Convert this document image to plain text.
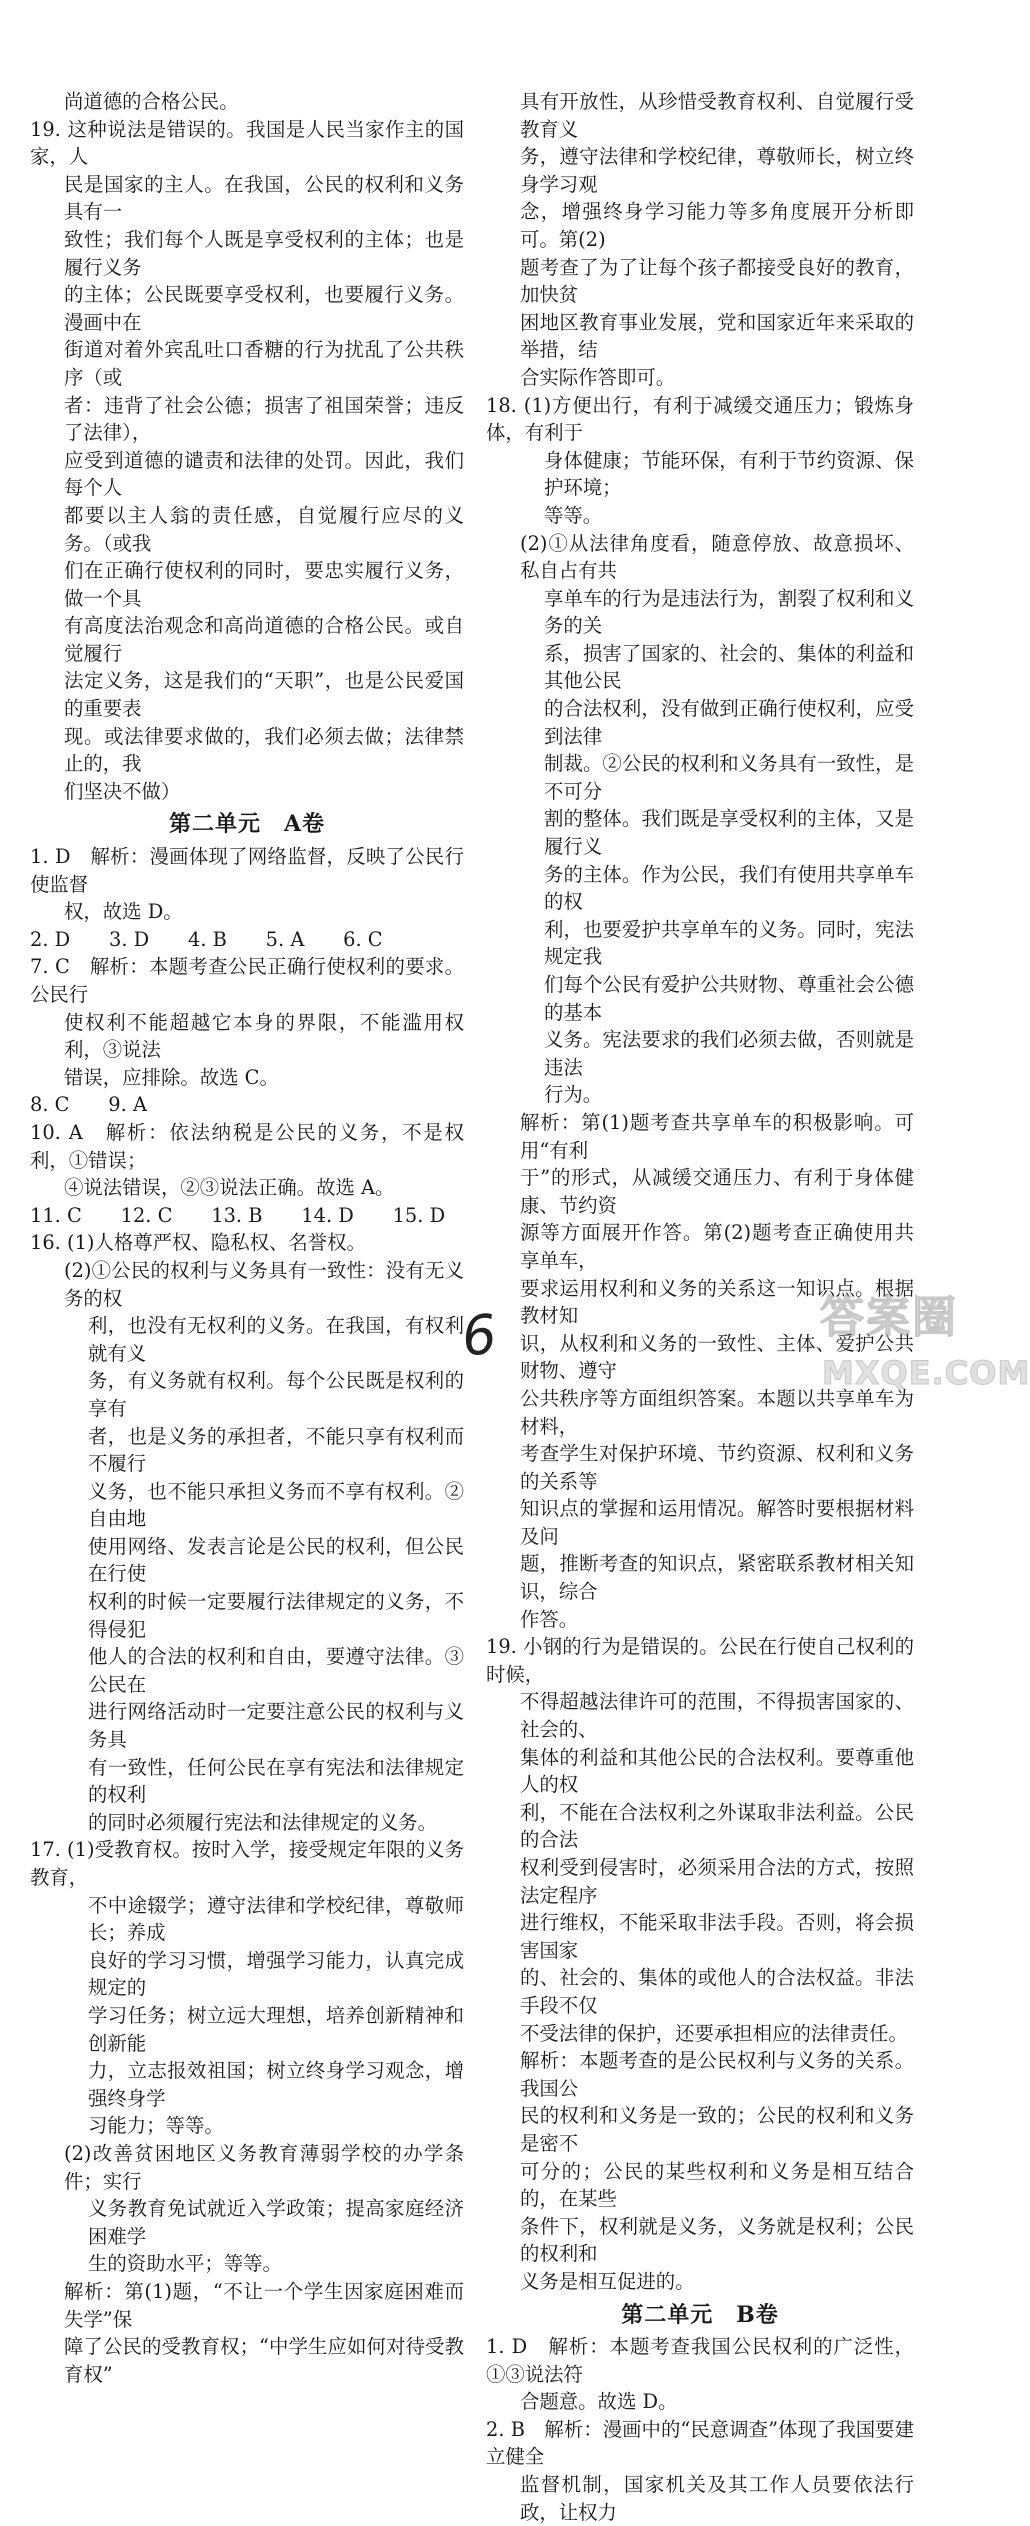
尚道德的合格公民。

19. 这种说法是错误的。我国是人民当家作主的国家，人

民是国家的主人。在我国，公民的权利和义务具有一

致性；我们每个人既是享受权利的主体；也是履行义务

的主体；公民既要享受权利，也要履行义务。漫画中在

街道对着外宾乱吐口香糖的行为扰乱了公共秩序（或

者：违背了社会公德；损害了祖国荣誉；违反了法律），

应受到道德的谴责和法律的处罚。因此，我们每个人

都要以主人翁的责任感，自觉履行应尽的义务。（或我

们在正确行使权利的同时，要忠实履行义务，做一个具

有高度法治观念和高尚道德的合格公民。或自觉履行

法定义务，这是我们的“天职”，也是公民爱国的重要表

现。或法律要求做的，我们必须去做；法律禁止的，我

们坚决不做）

第二单元　A卷

1. D　解析：漫画体现了网络监督，反映了公民行使监督

权，故选 D。

2. D　　3. D　　4. B　　5. A　　6. C

7. C　解析：本题考查公民正确行使权利的要求。公民行

使权利不能超越它本身的界限，不能滥用权利，③说法

错误，应排除。故选 C。

8. C　　9. A

10. A　解析：依法纳税是公民的义务，不是权利，①错误；

④说法错误，②③说法正确。故选 A。

11. C　　12. C　　13. B　　14. D　　15. D

16. (1)人格尊严权、隐私权、名誉权。

(2)①公民的权利与义务具有一致性：没有无义务的权

利，也没有无权利的义务。在我国，有权利就有义

务，有义务就有权利。每个公民既是权利的享有

者，也是义务的承担者，不能只享有权利而不履行

义务，也不能只承担义务而不享有权利。②自由地

使用网络、发表言论是公民的权利，但公民在行使

权利的时候一定要履行法律规定的义务，不得侵犯

他人的合法的权利和自由，要遵守法律。③公民在

进行网络活动时一定要注意公民的权利与义务具

有一致性，任何公民在享有宪法和法律规定的权利

的同时必须履行宪法和法律规定的义务。

17. (1)受教育权。按时入学，接受规定年限的义务教育，

不中途辍学；遵守法律和学校纪律，尊敬师长；养成

良好的学习习惯，增强学习能力，认真完成规定的

学习任务；树立远大理想，培养创新精神和创新能

力，立志报效祖国；树立终身学习观念，增强终身学

习能力；等等。

(2)改善贫困地区义务教育薄弱学校的办学条件；实行

义务教育免试就近入学政策；提高家庭经济困难学

生的资助水平；等等。

解析：第(1)题，“不让一个学生因家庭困难而失学”保

障了公民的受教育权；“中学生应如何对待受教育权”

具有开放性，从珍惜受教育权利、自觉履行受教育义

务，遵守法律和学校纪律，尊敬师长，树立终身学习观

念，增强终身学习能力等多角度展开分析即可。第(2)

题考查了为了让每个孩子都接受良好的教育，加快贫

困地区教育事业发展，党和国家近年来采取的举措，结

合实际作答即可。

18. (1)方便出行，有利于减缓交通压力；锻炼身体，有利于

身体健康；节能环保，有利于节约资源、保护环境；

等等。

(2)①从法律角度看，随意停放、故意损坏、私自占有共

享单车的行为是违法行为，割裂了权利和义务的关

系，损害了国家的、社会的、集体的利益和其他公民

的合法权利，没有做到正确行使权利，应受到法律

制裁。②公民的权利和义务具有一致性，是不可分

割的整体。我们既是享受权利的主体，又是履行义

务的主体。作为公民，我们有使用共享单车的权

利，也要爱护共享单车的义务。同时，宪法规定我

们每个公民有爱护公共财物、尊重社会公德的基本

义务。宪法要求的我们必须去做，否则就是违法

行为。

解析：第(1)题考查共享单车的积极影响。可用“有利

于”的形式，从减缓交通压力、有利于身体健康、节约资

源等方面展开作答。第(2)题考查正确使用共享单车，

要求运用权利和义务的关系这一知识点。根据教材知

识，从权利和义务的一致性、主体、爱护公共财物、遵守

公共秩序等方面组织答案。本题以共享单车为材料，

考查学生对保护环境、节约资源、权利和义务的关系等

知识点的掌握和运用情况。解答时要根据材料及问

题，推断考查的知识点，紧密联系教材相关知识，综合

作答。

19. 小钢的行为是错误的。公民在行使自己权利的时候，

不得超越法律许可的范围，不得损害国家的、社会的、

集体的利益和其他公民的合法权利。要尊重他人的权

利，不能在合法权利之外谋取非法利益。公民的合法

权利受到侵害时，必须采用合法的方式，按照法定程序

进行维权，不能采取非法手段。否则，将会损害国家

的、社会的、集体的或他人的合法权益。非法手段不仅

不受法律的保护，还要承担相应的法律责任。

解析：本题考查的是公民权利与义务的关系。我国公

民的权利和义务是一致的；公民的权利和义务是密不

可分的；公民的某些权利和义务是相互结合的，在某些

条件下，权利就是义务，义务就是权利；公民的权利和

义务是相互促进的。

第二单元　B卷

1. D　解析：本题考查我国公民权利的广泛性，①③说法符

合题意。故选 D。

2. B　解析：漫画中的“民意调查”体现了我国要建立健全

监督机制，国家机关及其工作人员要依法行政，让权力

6	答案圈
MXQE.COM
